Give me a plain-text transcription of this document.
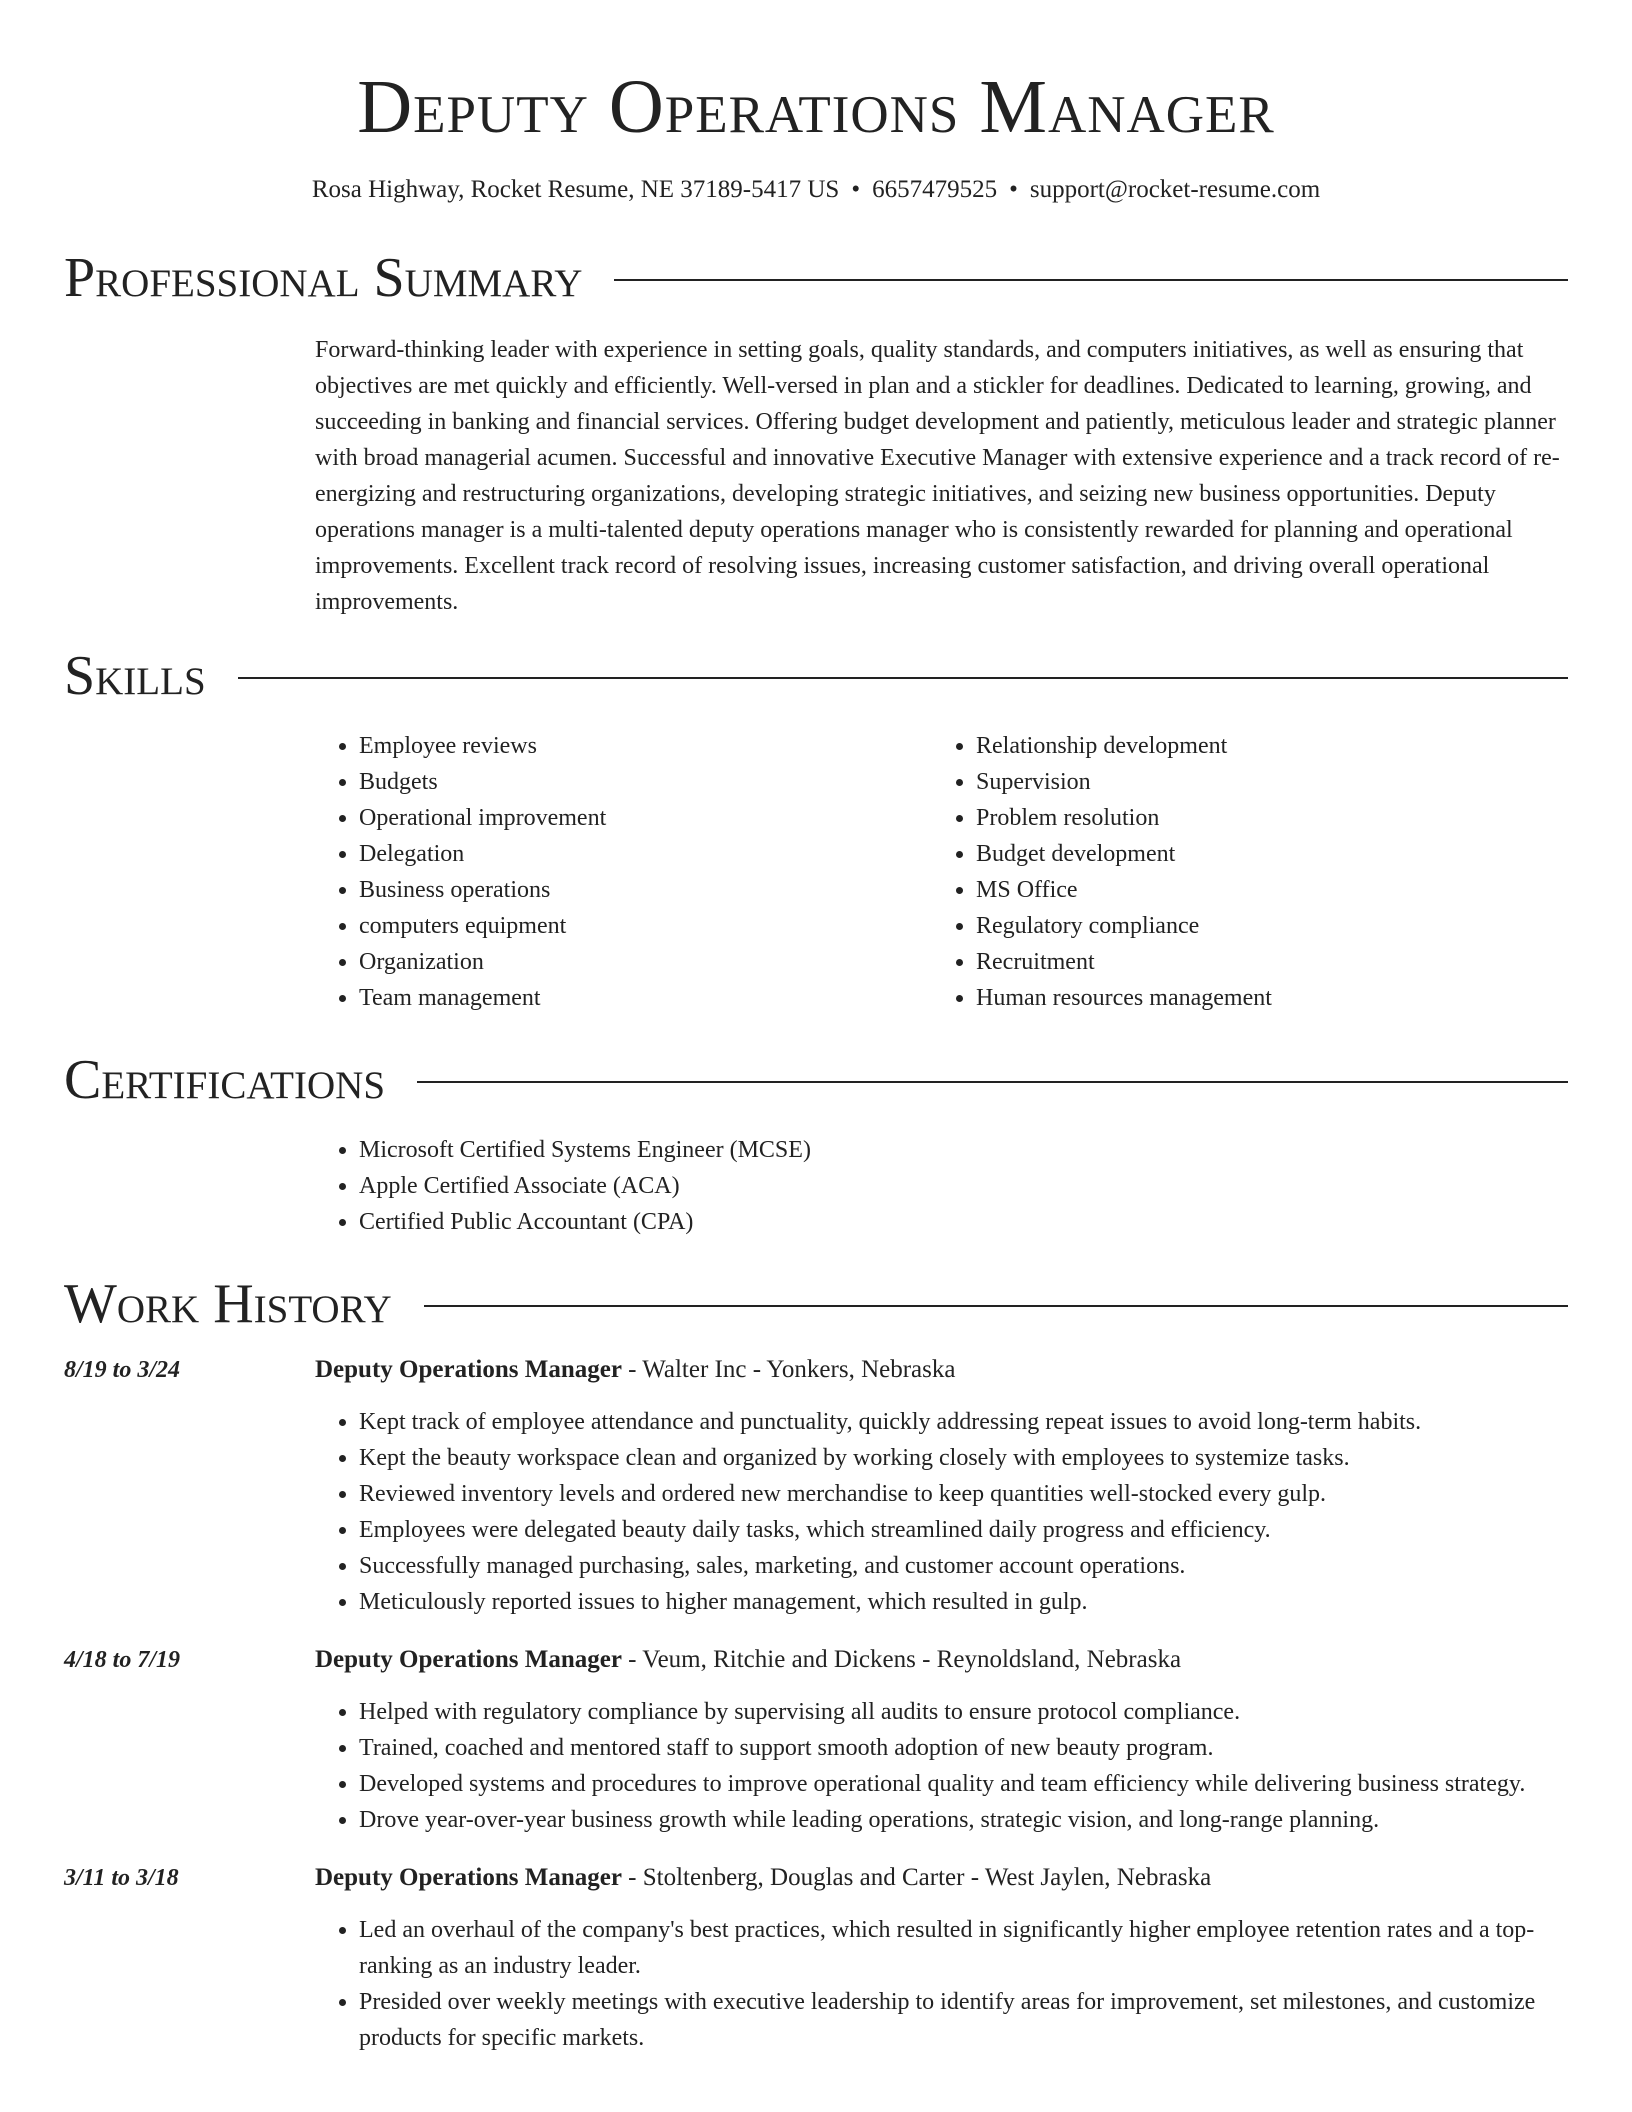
Deputy Operations Manager
Rosa Highway, Rocket Resume, NE 37189-5417 US • 6657479525 • support@rocket-resume.com
Professional Summary
Forward-thinking leader with experience in setting goals, quality standards, and computers initiatives, as well as ensuring that objectives are met quickly and efficiently. Well-versed in plan and a stickler for deadlines. Dedicated to learning, growing, and succeeding in banking and financial services. Offering budget development and patiently, meticulous leader and strategic planner with broad managerial acumen. Successful and innovative Executive Manager with extensive experience and a track record of re-energizing and restructuring organizations, developing strategic initiatives, and seizing new business opportunities. Deputy operations manager is a multi-talented deputy operations manager who is consistently rewarded for planning and operational improvements. Excellent track record of resolving issues, increasing customer satisfaction, and driving overall operational improvements.
Skills
• Employee reviews
• Budgets
• Operational improvement
• Delegation
• Business operations
• computers equipment
• Organization
• Team management
• Relationship development
• Supervision
• Problem resolution
• Budget development
• MS Office
• Regulatory compliance
• Recruitment
• Human resources management
Certifications
• Microsoft Certified Systems Engineer (MCSE)
• Apple Certified Associate (ACA)
• Certified Public Accountant (CPA)
Work History
8/19 to 3/24	Deputy Operations Manager - Walter Inc - Yonkers, Nebraska
• Kept track of employee attendance and punctuality, quickly addressing repeat issues to avoid long-term habits.
• Kept the beauty workspace clean and organized by working closely with employees to systemize tasks.
• Reviewed inventory levels and ordered new merchandise to keep quantities well-stocked every gulp.
• Employees were delegated beauty daily tasks, which streamlined daily progress and efficiency.
• Successfully managed purchasing, sales, marketing, and customer account operations.
• Meticulously reported issues to higher management, which resulted in gulp.
4/18 to 7/19	Deputy Operations Manager - Veum, Ritchie and Dickens - Reynoldsland, Nebraska
• Helped with regulatory compliance by supervising all audits to ensure protocol compliance.
• Trained, coached and mentored staff to support smooth adoption of new beauty program.
• Developed systems and procedures to improve operational quality and team efficiency while delivering business strategy.
• Drove year-over-year business growth while leading operations, strategic vision, and long-range planning.
3/11 to 3/18	Deputy Operations Manager - Stoltenberg, Douglas and Carter - West Jaylen, Nebraska
• Led an overhaul of the company's best practices, which resulted in significantly higher employee retention rates and a top-ranking as an industry leader.
• Presided over weekly meetings with executive leadership to identify areas for improvement, set milestones, and customize products for specific markets.
